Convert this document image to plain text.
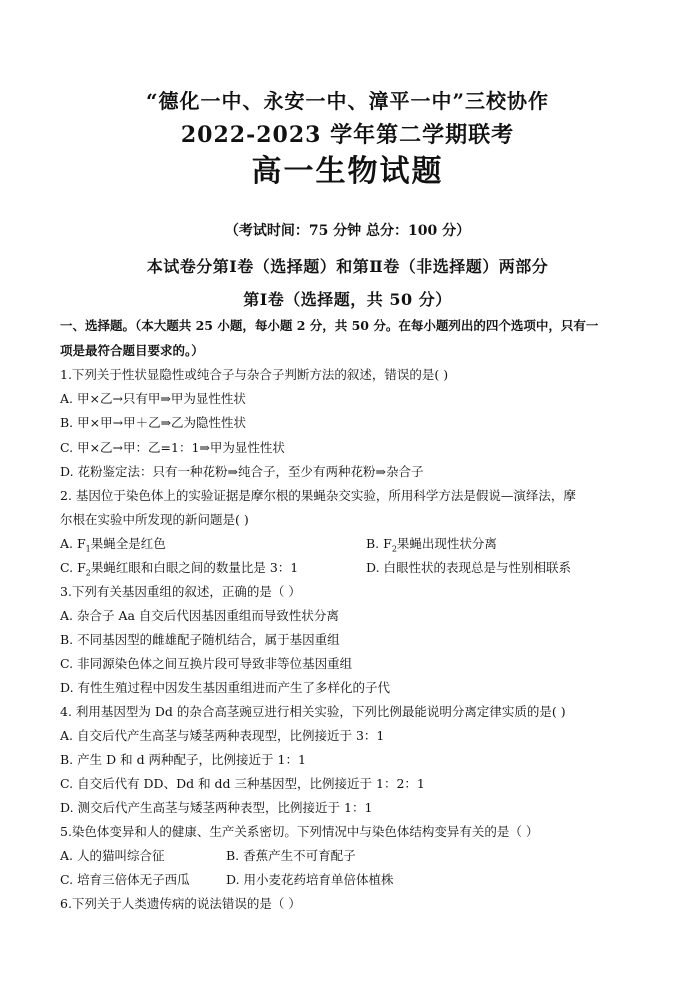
“德化一中、永安一中、漳平一中”三校协作
2022-2023 学年第二学期联考
高一生物试题
（考试时间：75 分钟 总分：100 分）
本试卷分第Ⅰ卷（选择题）和第Ⅱ卷（非选择题）两部分
第Ⅰ卷（选择题，共 50 分）
一、选择题。（本大题共 25 小题，每小题 2 分，共 50 分。在每小题列出的四个选项中，只有一
项是最符合题目要求的。）
1.下列关于性状显隐性或纯合子与杂合子判断方法的叙述，错误的是( )
A. 甲×乙→只有甲⇒甲为显性性状
B. 甲×甲→甲＋乙⇒乙为隐性性状
C. 甲×乙→甲：乙=1：1⇒甲为显性性状
D. 花粉鉴定法：只有一种花粉⇒纯合子，至少有两种花粉⇒杂合子
2. 基因位于染色体上的实验证据是摩尔根的果蝇杂交实验，所用科学方法是假说—演绎法，摩
尔根在实验中所发现的新问题是( )
A. $F_1$果蝇全是红色	B. $F_2$果蝇出现性状分离
C. $F_2$果蝇红眼和白眼之间的数量比是 3：1	D. 白眼性状的表现总是与性别相联系
3.下列有关基因重组的叙述，正确的是（ ）
A. 杂合子 Aa 自交后代因基因重组而导致性状分离
B. 不同基因型的雌雄配子随机结合，属于基因重组
C. 非同源染色体之间互换片段可导致非等位基因重组
D. 有性生殖过程中因发生基因重组进而产生了多样化的子代
4. 利用基因型为 Dd 的杂合高茎豌豆进行相关实验，下列比例最能说明分离定律实质的是( )
A. 自交后代产生高茎与矮茎两种表现型，比例接近于 3：1
B. 产生 D 和 d 两种配子，比例接近于 1：1
C. 自交后代有 DD、Dd 和 dd 三种基因型，比例接近于 1：2：1
D. 测交后代产生高茎与矮茎两种表型，比例接近于 1：1
5.染色体变异和人的健康、生产关系密切。下列情况中与染色体结构变异有关的是（ ）
A. 人的猫叫综合征	B. 香蕉产生不可育配子
C. 培育三倍体无子西瓜	D. 用小麦花药培育单倍体植株
6.下列关于人类遗传病的说法错误的是（ ）
